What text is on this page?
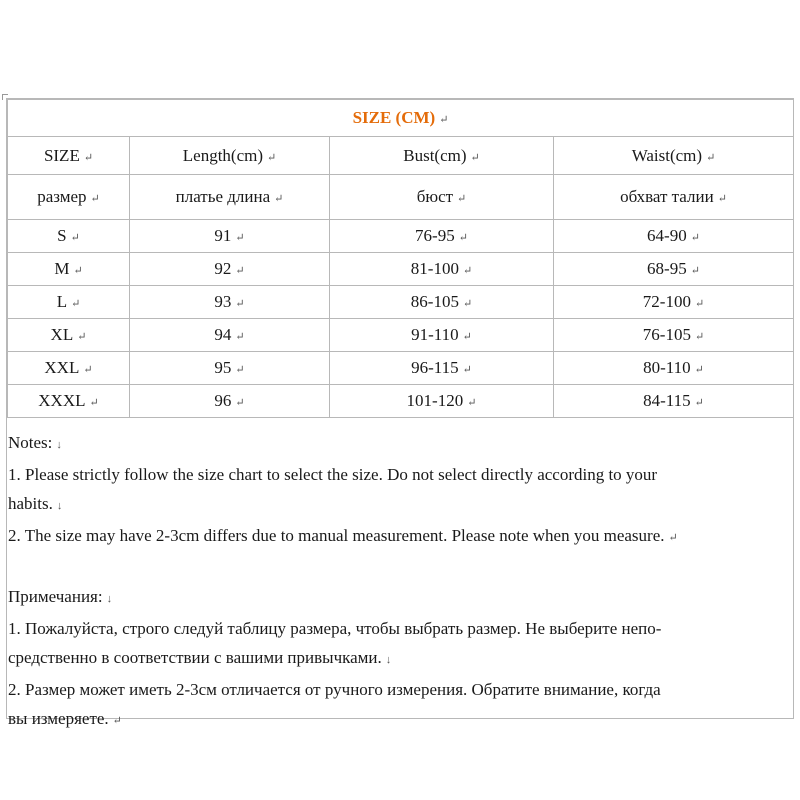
SIZE (CM) ↵			
SIZE ↵	Length(cm) ↵	Bust(cm) ↵	Waist(cm) ↵
размер ↵	платье длина ↵	бюст ↵	обхват талии ↵
S ↵	91 ↵	76-95 ↵	64-90 ↵
M ↵	92 ↵	81-100 ↵	68-95 ↵
L ↵	93 ↵	86-105 ↵	72-100 ↵
XL ↵	94 ↵	91-110 ↵	76-105 ↵
XXL ↵	95 ↵	96-115 ↵	80-110 ↵
XXXL ↵	96 ↵	101-120 ↵	84-115 ↵
Notes: ↓
1. Please strictly follow the size chart to select the size. Do not select directly according to your
habits. ↓
2. The size may have 2-3cm differs due to manual measurement. Please note when you measure. ↵
Примечания: ↓
1. Пожалуйста, строго следуй таблицу размера, чтобы выбрать размер. Не выберите непо-
средственно в соответствии с вашими привычками. ↓
2. Размер может иметь 2-3см отличается от ручного измерения. Обратите внимание, когда
вы измеряете. ↵
